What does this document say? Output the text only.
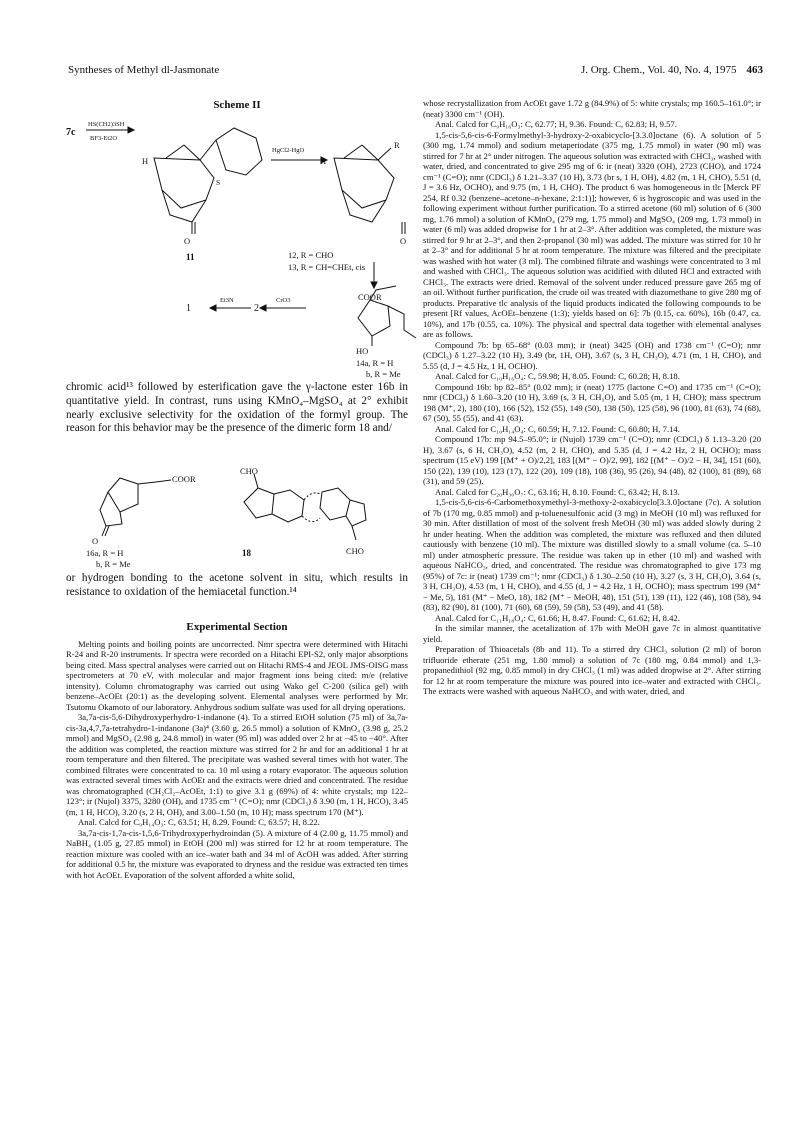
Syntheses of Methyl dl-Jasmonate	J. Org. Chem., Vol. 40, No. 4, 1975 463
Scheme II
7c
HS(CH2)3SH
BF3-Et2O
H
S
O
HgCl2-HgO
11
H
R
O
12, R = CHO
13, R = CH=CHEt, cis
1
Et3N
2
CrO3	COOR
HO
14a, R = H
b, R = Me
chromic acid¹³ followed by esterification gave the γ-lactone ester 16b in quantitative yield. In contrast, runs using KMnO₄–MgSO₄ at 2° exhibit nearly exclusive selectivity for the oxidation of the formyl group. The reason for this behavior may be the presence of the dimeric form 18 and/
COOR
CHO
CHO
O
16a, R = H
b, R = Me
18
or hydrogen bonding to the acetone solvent in situ, which results in resistance to oxidation of the hemiacetal function.¹⁴
Experimental Section

Melting points and boiling points are uncorrected. Nmr spectra were determined with Hitachi R-24 and R-20 instruments. Ir spectra were recorded on a Hitachi EPI-S2, only major absorptions being cited. Mass spectral analyses were carried out on Hitachi RMS-4 and JEOL JMS-OISG mass spectrometers at 70 eV, with molecular and major fragment ions being cited: m/e (relative intensity). Column chromatography was carried out using Wako gel C-200 (silica gel) with benzene–AcOEt (20:1) as the developing solvent. Elemental analyses were performed by Mr. Tsutomu Okamoto of our laboratory. Anhydrous sodium sulfate was used for all drying operations.

3a,7a-cis-5,6-Dihydroxyperhydro-1-indanone (4). To a stirred EtOH solution (75 ml) of 3a,7a-cis-3a,4,7,7a-tetrahydro-1-indanone (3a)⁴ (3.60 g, 26.5 mmol) a solution of KMnO₄ (3.98 g, 25.2 mmol) and MgSO₄ (2.98 g, 24.8 mmol) in water (95 ml) was added over 2 hr at −45 to −40°. After the addition was completed, the reaction mixture was stirred for 2 hr and for an additional 1 hr at room temperature and then filtered. The precipitate was washed several times with hot water. The combined filtrates were concentrated to ca. 10 ml using a rotary evaporator. The aqueous solution was extracted several times with AcOEt and the extracts were dried and concentrated. The residue was chromatographed (CH₂Cl₂–AcOEt, 1:1) to give 3.1 g (69%) of 4: white crystals; mp 122–123°; ir (Nujol) 3375, 3280 (OH), and 1735 cm⁻¹ (C=O); nmr (CDCl₃) δ 3.90 (m, 1 H, HCO), 3.45 (m, 1 H, HCO), 3.20 (s, 2 H, OH), and 3.00–1.50 (m, 10 H); mass spectrum 170 (M⁺).

Anal. Calcd for C₉H₁₄O₃: C, 63.51; H, 8.29. Found: C, 63.57; H, 8.22.

3a,7a-cis-1,7a-cis-1,5,6-Trihydroxyperhydroindan (5). A mixture of 4 (2.00 g, 11.75 mmol) and NaBH₄ (1.05 g, 27.85 mmol) in EtOH (200 ml) was stirred for 12 hr at room temperature. The reaction mixture was cooled with an ice–water bath and 34 ml of AcOH was added. After stirring for additional 0.5 hr, the mixture was evaporated to dryness and the residue was extracted ten times with hot AcOEt. Evaporation of the solvent afforded a white solid,

whose recrystallization from AcOEt gave 1.72 g (84.9%) of 5: white crystals; mp 160.5–161.0°; ir (neat) 3300 cm⁻¹ (OH).

Anal. Calcd for C₉H₁₆O₃: C, 62.77; H, 9.36. Found: C, 62.83; H, 9.57.

1,5-cis-5,6-cis-6-Formylmethyl-3-hydroxy-2-oxabicyclo-[3.3.0]octane (6). A solution of 5 (300 mg, 1.74 mmol) and sodium metaperiodate (375 mg, 1.75 mmol) in water (90 ml) was stirred for 7 hr at 2° under nitrogen. The aqueous solution was extracted with CHCl₃, washed with water, dried, and concentrated to give 295 mg of 6: ir (neat) 3320 (OH), 2723 (CHO), and 1724 cm⁻¹ (C=O); nmr (CDCl₃) δ 1.21–3.37 (10 H), 3.73 (br s, 1 H, OH), 4.82 (m, 1 H, CHO), 5.51 (d, J = 3.6 Hz, OCHO), and 9.75 (m, 1 H, CHO). The product 6 was homogeneous in tlc [Merck PF 254, Rf 0.32 (benzene–acetone–n-hexane, 2:1:1)]; however, 6 is hygroscopic and was used in the following experiment without further purification. To a stirred acetone (60 ml) solution of 6 (300 mg, 1.76 mmol) a solution of KMnO₄ (279 mg, 1.75 mmol) and MgSO₄ (209 mg, 1.73 mmol) in water (6 ml) was added dropwise for 1 hr at 2–3°. After addition was completed, the mixture was stirred for 9 hr at 2–3°, and then 2-propanol (30 ml) was added. The mixture was stirred for 10 hr at 2–3° and for additional 5 hr at room temperature. The mixture was filtered and the precipitate was washed with hot water (3 ml). The combined filtrate and washings were concentrated to 3 ml and washed with CHCl₃. The aqueous solution was acidified with diluted HCl and extracted with CHCl₃. The extracts were dried. Removal of the solvent under reduced pressure gave 265 mg of an oil. Without further purification, the crude oil was treated with diazomethane to give 280 mg of products. Preparative tlc analysis of the liquid products indicated the following compounds to be present [Rf values, AcOEt–benzene (1:3); yields based on 6]: 7b (0.15, ca. 60%), 16b (0.47, ca. 10%), and 17b (0.55, ca. 10%). The physical and spectral data together with elemental analyses are as follows.

Compound 7b: bp 65–68° (0.03 mm); ir (neat) 3425 (OH) and 1738 cm⁻¹ (C=O); nmr (CDCl₃) δ 1.27–3.22 (10 H), 3.49 (br, 1H, OH), 3.67 (s, 3 H, CH₃O), 4.71 (m, 1 H, CHO), and 5.55 (d, J = 4.5 Hz, 1 H, OCHO).

Anal. Calcd for C₁₀H₁₆O₄: C, 59.98; H, 8.05. Found: C, 60.28; H, 8.18.

Compound 16b: bp 82–85° (0.02 mm); ir (neat) 1775 (lactone C=O) and 1735 cm⁻¹ (C=O); nmr (CDCl₃) δ 1.60–3.20 (10 H), 3.69 (s, 3 H, CH₃O), and 5.05 (m, 1 H, CHO); mass spectrum 198 (M⁺, 2), 180 (10), 166 (52), 152 (55), 149 (50), 138 (50), 125 (58), 96 (100), 81 (63), 74 (68), 67 (50), 55 (55), and 41 (63).

Anal. Calcd for C₁₀H₁₄O₄: C, 60.59; H, 7.12. Found: C, 60.80; H, 7.14.

Compound 17b: mp 94.5–95.0°; ir (Nujol) 1739 cm⁻¹ (C=O); nmr (CDCl₃) δ 1.13–3.20 (20 H), 3.67 (s, 6 H, CH₃O), 4.52 (m, 2 H, CHO), and 5.35 (d, J = 4.2 Hz, 2 H, OCHO); mass spectrum (15 eV) 199 [(M⁺ + O)/2,2], 183 [(M⁺ − O)/2, 99], 182 [(M⁺ − O)/2 − H, 34], 151 (60), 150 (22), 139 (10), 123 (17), 122 (20), 109 (18), 108 (36), 95 (26), 94 (48), 82 (100), 81 (89), 68 (31), and 59 (25).

Anal. Calcd for C₂₀H₃₀O₇: C, 63.16; H, 8.10. Found: C, 63.42; H, 8.13.

1,5-cis-5,6-cis-6-Carbomethoxymethyl-3-methoxy-2-oxabicyclo[3.3.0]octane (7c). A solution of 7b (170 mg, 0.85 mmol) and p-toluenesulfonic acid (3 mg) in MeOH (10 ml) was refluxed for 30 min. After distillation of most of the solvent fresh MeOH (30 ml) was added slowly during 2 hr under heating. When the addition was completed, the mixture was refluxed and then diluted cautiously with benzene (10 ml). The mixture was distilled slowly to a small volume (ca. 5–10 ml) under atmospheric pressure. The residue was taken up in ether (10 ml) and washed with aqueous NaHCO₃, dried, and concentrated. The residue was chromatographed to give 173 mg (95%) of 7c: ir (neat) 1739 cm⁻¹; nmr (CDCl₃) δ 1.30–2.50 (10 H), 3.27 (s, 3 H, CH₃O), 3.64 (s, 3 H, CH₃O), 4.53 (m, 1 H, CHO), and 4.55 (d, J = 4.2 Hz, 1 H, OCHO); mass spectrum 199 (M⁺ − Me, 5), 181 (M⁺ − MeO, 18), 182 (M⁺ − MeOH, 48), 151 (51), 139 (11), 122 (46), 108 (58), 94 (83), 82 (90), 81 (100), 71 (60), 68 (59), 59 (58), 53 (49), and 41 (58).

Anal. Calcd for C₁₁H₁₈O₄: C, 61.66; H, 8.47. Found: C, 61.62; H, 8.42.

In the similar manner, the acetalization of 17b with MeOH gave 7c in almost quantitative yield.

Preparation of Thioacetals (8b and 11). To a stirred dry CHCl₃ solution (2 ml) of boron trifluoride etherate (251 mg, 1.80 mmol) a solution of 7c (180 mg, 0.84 mmol) and 1,3-propanedithiol (92 mg, 0.85 mmol) in dry CHCl₃ (1 ml) was added dropwise at 2°. After stirring for 12 hr at room temperature the mixture was poured into ice–water and extracted with CHCl₃. The extracts were washed with aqueous NaHCO₃ and with water, dried, and
